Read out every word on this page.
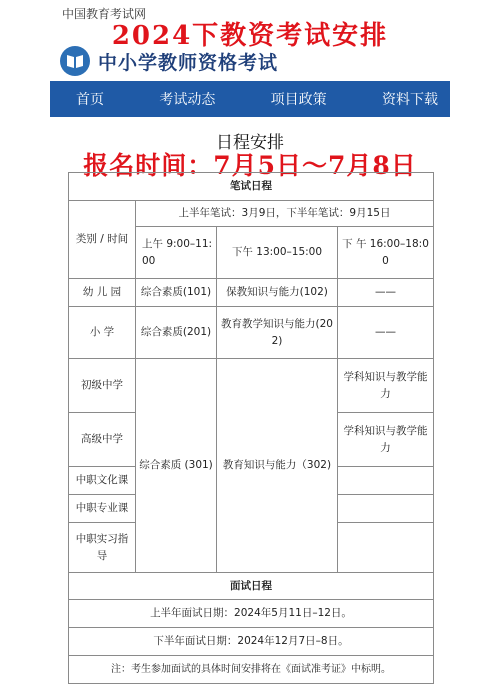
中国教育考试网
2024下教资考试安排
中小学教师资格考试
首页	考试动态	项目政策	资料下载
日程安排
报名时间：7月5日～7月8日
笔试日程			
类别 / 时间	上半年笔试：3月9日，下半年笔试：9月15日		
	上午 9:00–11:00	下午 13:00–15:00	下 午 16:00–18:00
幼 儿 园	综合素质(101)	保教知识与能力(102)	——
小 学	综合素质(201)	教育教学知识与能力(202)	——
初级中学	综合素质 (301)	教育知识与能力（302)	学科知识与教学能力
高级中学			学科知识与教学能力
中职文化课			
中职专业课			
中职实习指导			
面试日程			
上半年面试日期：2024年5月11日–12日。			
下半年面试日期：2024年12月7日–8日。			
注：考生参加面试的具体时间安排将在《面试准考证》中标明。			
